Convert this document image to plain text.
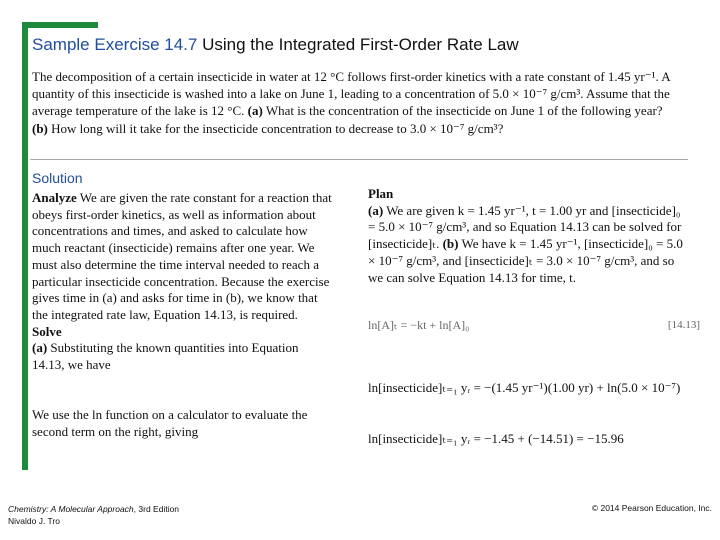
Sample Exercise 14.7 Using the Integrated First-Order Rate Law
The decomposition of a certain insecticide in water at 12 °C follows first-order kinetics with a rate constant of 1.45 yr⁻¹. A quantity of this insecticide is washed into a lake on June 1, leading to a concentration of 5.0 × 10⁻⁷ g/cm³. Assume that the average temperature of the lake is 12 °C. (a) What is the concentration of the insecticide on June 1 of the following year? (b) How long will it take for the insecticide concentration to decrease to 3.0 × 10⁻⁷ g/cm³?
Solution
Analyze We are given the rate constant for a reaction that obeys first-order kinetics, as well as information about concentrations and times, and asked to calculate how much reactant (insecticide) remains after one year. We must also determine the time interval needed to reach a particular insecticide concentration. Because the exercise gives time in (a) and asks for time in (b), we know that the integrated rate law, Equation 14.13, is required.
Solve
(a) Substituting the known quantities into Equation 14.13, we have
We use the ln function on a calculator to evaluate the second term on the right, giving
Plan
(a) We are given k = 1.45 yr⁻¹, t = 1.00 yr and [insecticide]₀ = 5.0 × 10⁻⁷ g/cm³, and so Equation 14.13 can be solved for [insecticide]ₜ. (b) We have k = 1.45 yr⁻¹, [insecticide]₀ = 5.0 × 10⁻⁷ g/cm³, and [insecticide]ₜ = 3.0 × 10⁻⁷ g/cm³, and so we can solve Equation 14.13 for time, t.
ln[A]ₜ = −kt + ln[A]₀	[14.13]
ln[insecticide]ₜ₌₁ yᵣ = −(1.45 yr⁻¹)(1.00 yr) + ln(5.0 × 10⁻⁷)
ln[insecticide]ₜ₌₁ yᵣ = −1.45 + (−14.51) = −15.96
Chemistry: A Molecular Approach, 3rd Edition
Nivaldo J. Tro
© 2014 Pearson Education, Inc.
